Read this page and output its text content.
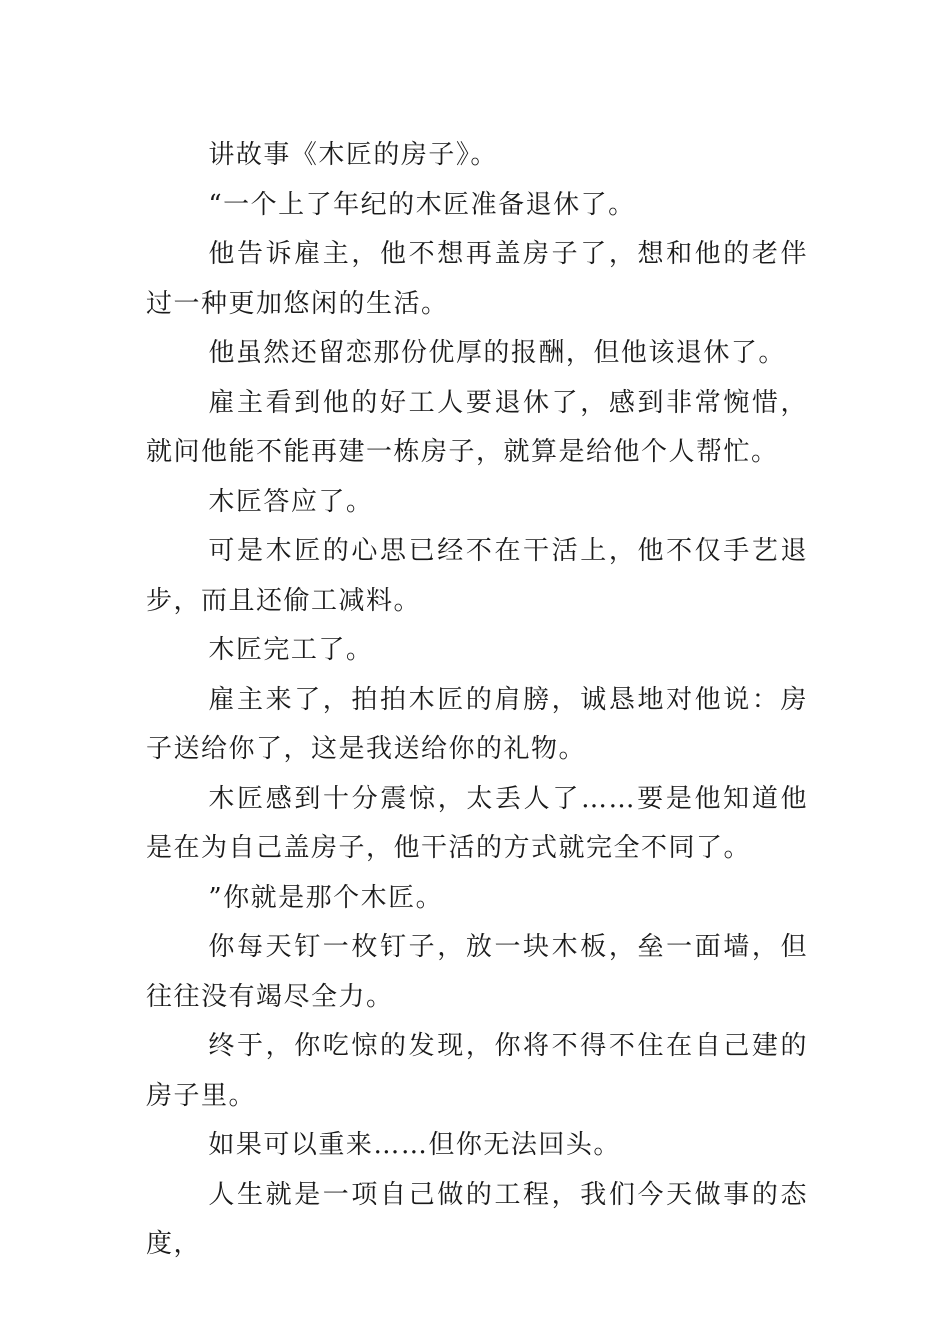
讲故事《木匠的房子》。

“一个上了年纪的木匠准备退休了。

他告诉雇主，他不想再盖房子了，想和他的老伴过一种更加悠闲的生活。

他虽然还留恋那份优厚的报酬，但他该退休了。

雇主看到他的好工人要退休了，感到非常惋惜，就问他能不能再建一栋房子，就算是给他个人帮忙。

木匠答应了。

可是木匠的心思已经不在干活上，他不仅手艺退步，而且还偷工减料。

木匠完工了。

雇主来了，拍拍木匠的肩膀，诚恳地对他说：房子送给你了，这是我送给你的礼物。

木匠感到十分震惊，太丢人了……要是他知道他是在为自己盖房子，他干活的方式就完全不同了。

”你就是那个木匠。

你每天钉一枚钉子，放一块木板，垒一面墙，但往往没有竭尽全力。

终于，你吃惊的发现，你将不得不住在自己建的房子里。

如果可以重来……但你无法回头。

人生就是一项自己做的工程，我们今天做事的态度，
